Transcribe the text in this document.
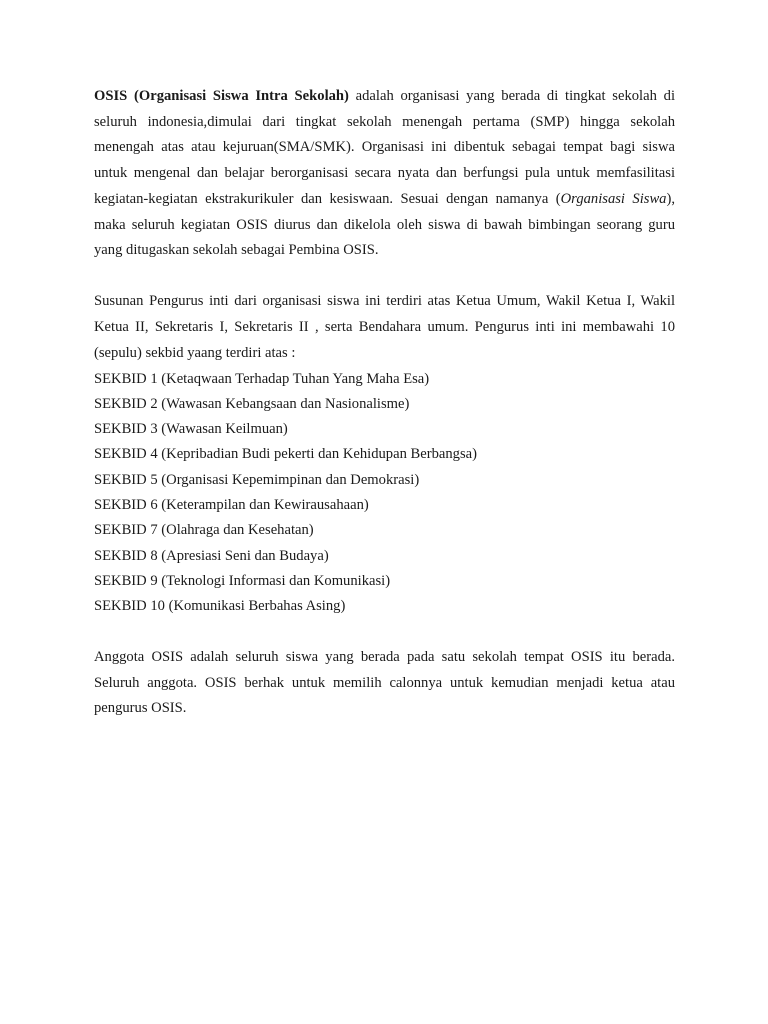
OSIS (Organisasi Siswa Intra Sekolah) adalah organisasi yang berada di tingkat sekolah di seluruh indonesia,dimulai dari tingkat sekolah menengah pertama (SMP) hingga sekolah menengah atas atau kejuruan(SMA/SMK). Organisasi ini dibentuk sebagai tempat bagi siswa untuk mengenal dan belajar berorganisasi secara nyata dan berfungsi pula untuk memfasilitasi kegiatan-kegiatan ekstrakurikuler dan kesiswaan. Sesuai dengan namanya (Organisasi Siswa), maka seluruh kegiatan OSIS diurus dan dikelola oleh siswa di bawah bimbingan seorang guru yang ditugaskan sekolah sebagai Pembina OSIS.

Susunan Pengurus inti dari organisasi siswa ini terdiri atas Ketua Umum, Wakil Ketua I, Wakil Ketua II, Sekretaris I, Sekretaris II , serta Bendahara umum. Pengurus inti ini membawahi 10 (sepulu) sekbid yaang terdiri atas :

SEKBID 1 (Ketaqwaan Terhadap Tuhan Yang Maha Esa)
SEKBID 2 (Wawasan Kebangsaan dan Nasionalisme)
SEKBID 3 (Wawasan Keilmuan)
SEKBID 4 (Kepribadian Budi pekerti dan Kehidupan Berbangsa)
SEKBID 5 (Organisasi Kepemimpinan dan Demokrasi)
SEKBID 6 (Keterampilan dan Kewirausahaan)
SEKBID 7 (Olahraga dan Kesehatan)
SEKBID 8 (Apresiasi Seni dan Budaya)
SEKBID 9 (Teknologi Informasi dan Komunikasi)
SEKBID 10 (Komunikasi Berbahas Asing)

Anggota OSIS adalah seluruh siswa yang berada pada satu sekolah tempat OSIS itu berada. Seluruh anggota. OSIS berhak untuk memilih calonnya untuk kemudian menjadi ketua atau pengurus OSIS.
